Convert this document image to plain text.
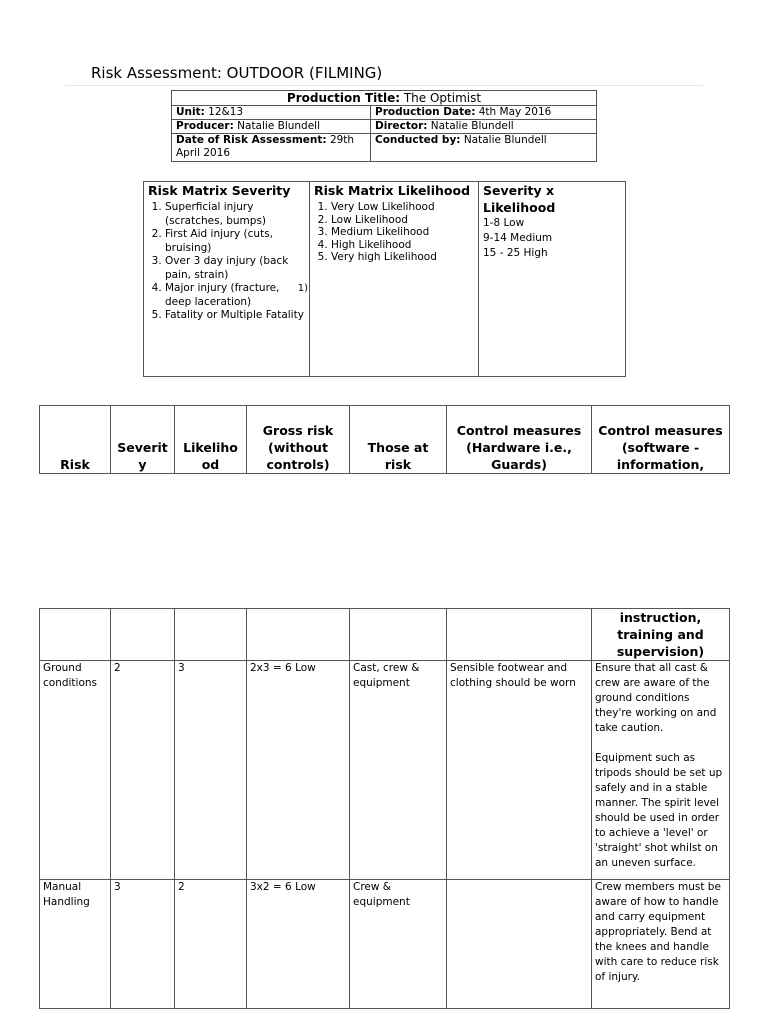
Risk Assessment: OUTDOOR (FILMING)
Production Title: The Optimist	
Unit: 12&13	Production Date: 4th May 2016
Producer: Natalie Blundell	Director: Natalie Blundell
Date of Risk Assessment: 29th April 2016	Conducted by: Natalie Blundell
Risk Matrix Severity
1. Superficial injury (scratches, bumps)
2. First Aid injury (cuts, bruising)
3. Over 3 day injury (back pain, strain)
4. Major injury (fracture, deep laceration)
5. Fatality or Multiple Fatality
1)

Risk Matrix Likelihood
1. Very Low Likelihood
2. Low Likelihood
3. Medium Likelihood
4. High Likelihood
5. Very high Likelihood

Severity x Likelihood
1-8 Low
9-14 Medium
15 - 25 High
Risk	Severit y	Likeliho od	Gross risk (without controls)	Those at risk	Control measures (Hardware i.e., Guards)	Control measures (software - information,
						instruction, training and supervision)
Ground conditions	2	3	2x3 = 6 Low	Cast, crew & equipment	Sensible footwear and clothing should be worn	Ensure that all cast & crew are aware of the ground conditions they're working on and take caution.
Equipment such as tripods should be set up safely and in a stable manner. The spirit level should be used in order to achieve a 'level' or 'straight' shot whilst on an uneven surface.

Manual Handling	3	2	3x2 = 6 Low	Crew & equipment		Crew members must be aware of how to handle and carry equipment appropriately. Bend at the knees and handle with care to reduce risk of injury.
